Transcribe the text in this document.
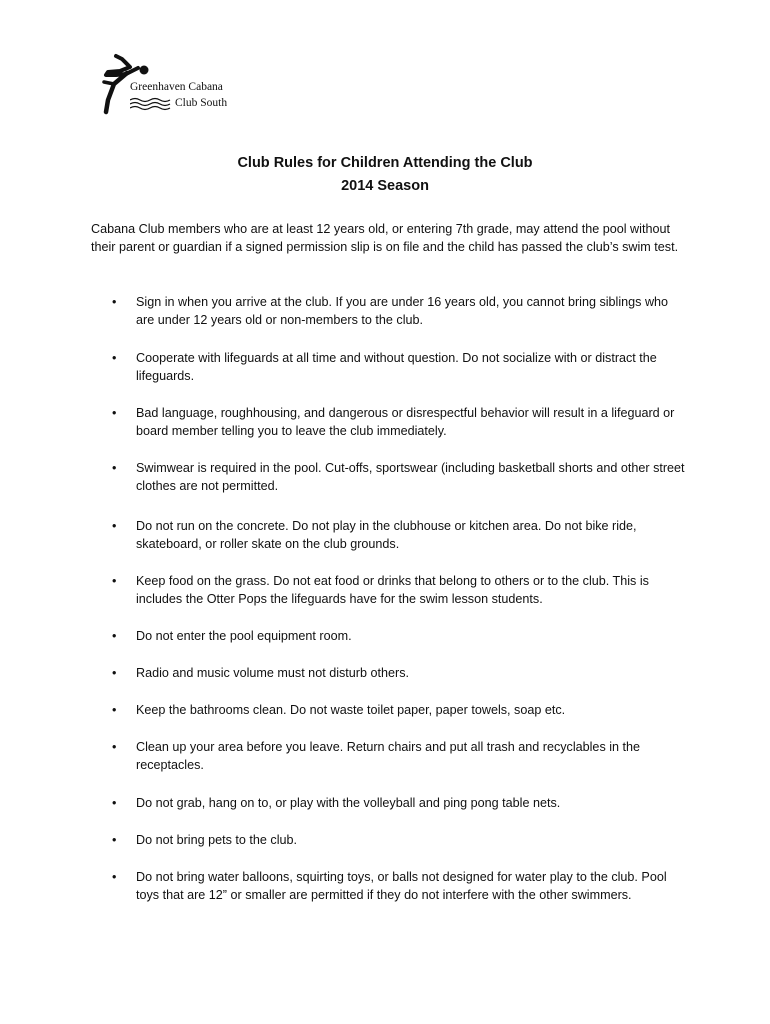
Greenhaven Cabana
Club South
Club Rules for Children Attending the Club
2014 Season

Cabana Club members who are at least 12 years old, or entering 7th grade, may attend the pool without their parent or guardian if a signed permission slip is on file and the child has passed the club’s swim test.

• Sign in when you arrive at the club. If you are under 16 years old, you cannot bring siblings who are under 12 years old or non-members to the club.
• Cooperate with lifeguards at all time and without question. Do not socialize with or distract the lifeguards.
• Bad language, roughhousing, and dangerous or disrespectful behavior will result in a lifeguard or board member telling you to leave the club immediately.
• Swimwear is required in the pool. Cut-offs, sportswear (including basketball shorts and other street clothes are not permitted.
• Do not run on the concrete. Do not play in the clubhouse or kitchen area. Do not bike ride, skateboard, or roller skate on the club grounds.
• Keep food on the grass. Do not eat food or drinks that belong to others or to the club. This is includes the Otter Pops the lifeguards have for the swim lesson students.
• Do not enter the pool equipment room.
• Radio and music volume must not disturb others.
• Keep the bathrooms clean. Do not waste toilet paper, paper towels, soap etc.
• Clean up your area before you leave. Return chairs and put all trash and recyclables in the receptacles.
• Do not grab, hang on to, or play with the volleyball and ping pong table nets.
• Do not bring pets to the club.
• Do not bring water balloons, squirting toys, or balls not designed for water play to the club. Pool toys that are 12” or smaller are permitted if they do not interfere with the other swimmers.
